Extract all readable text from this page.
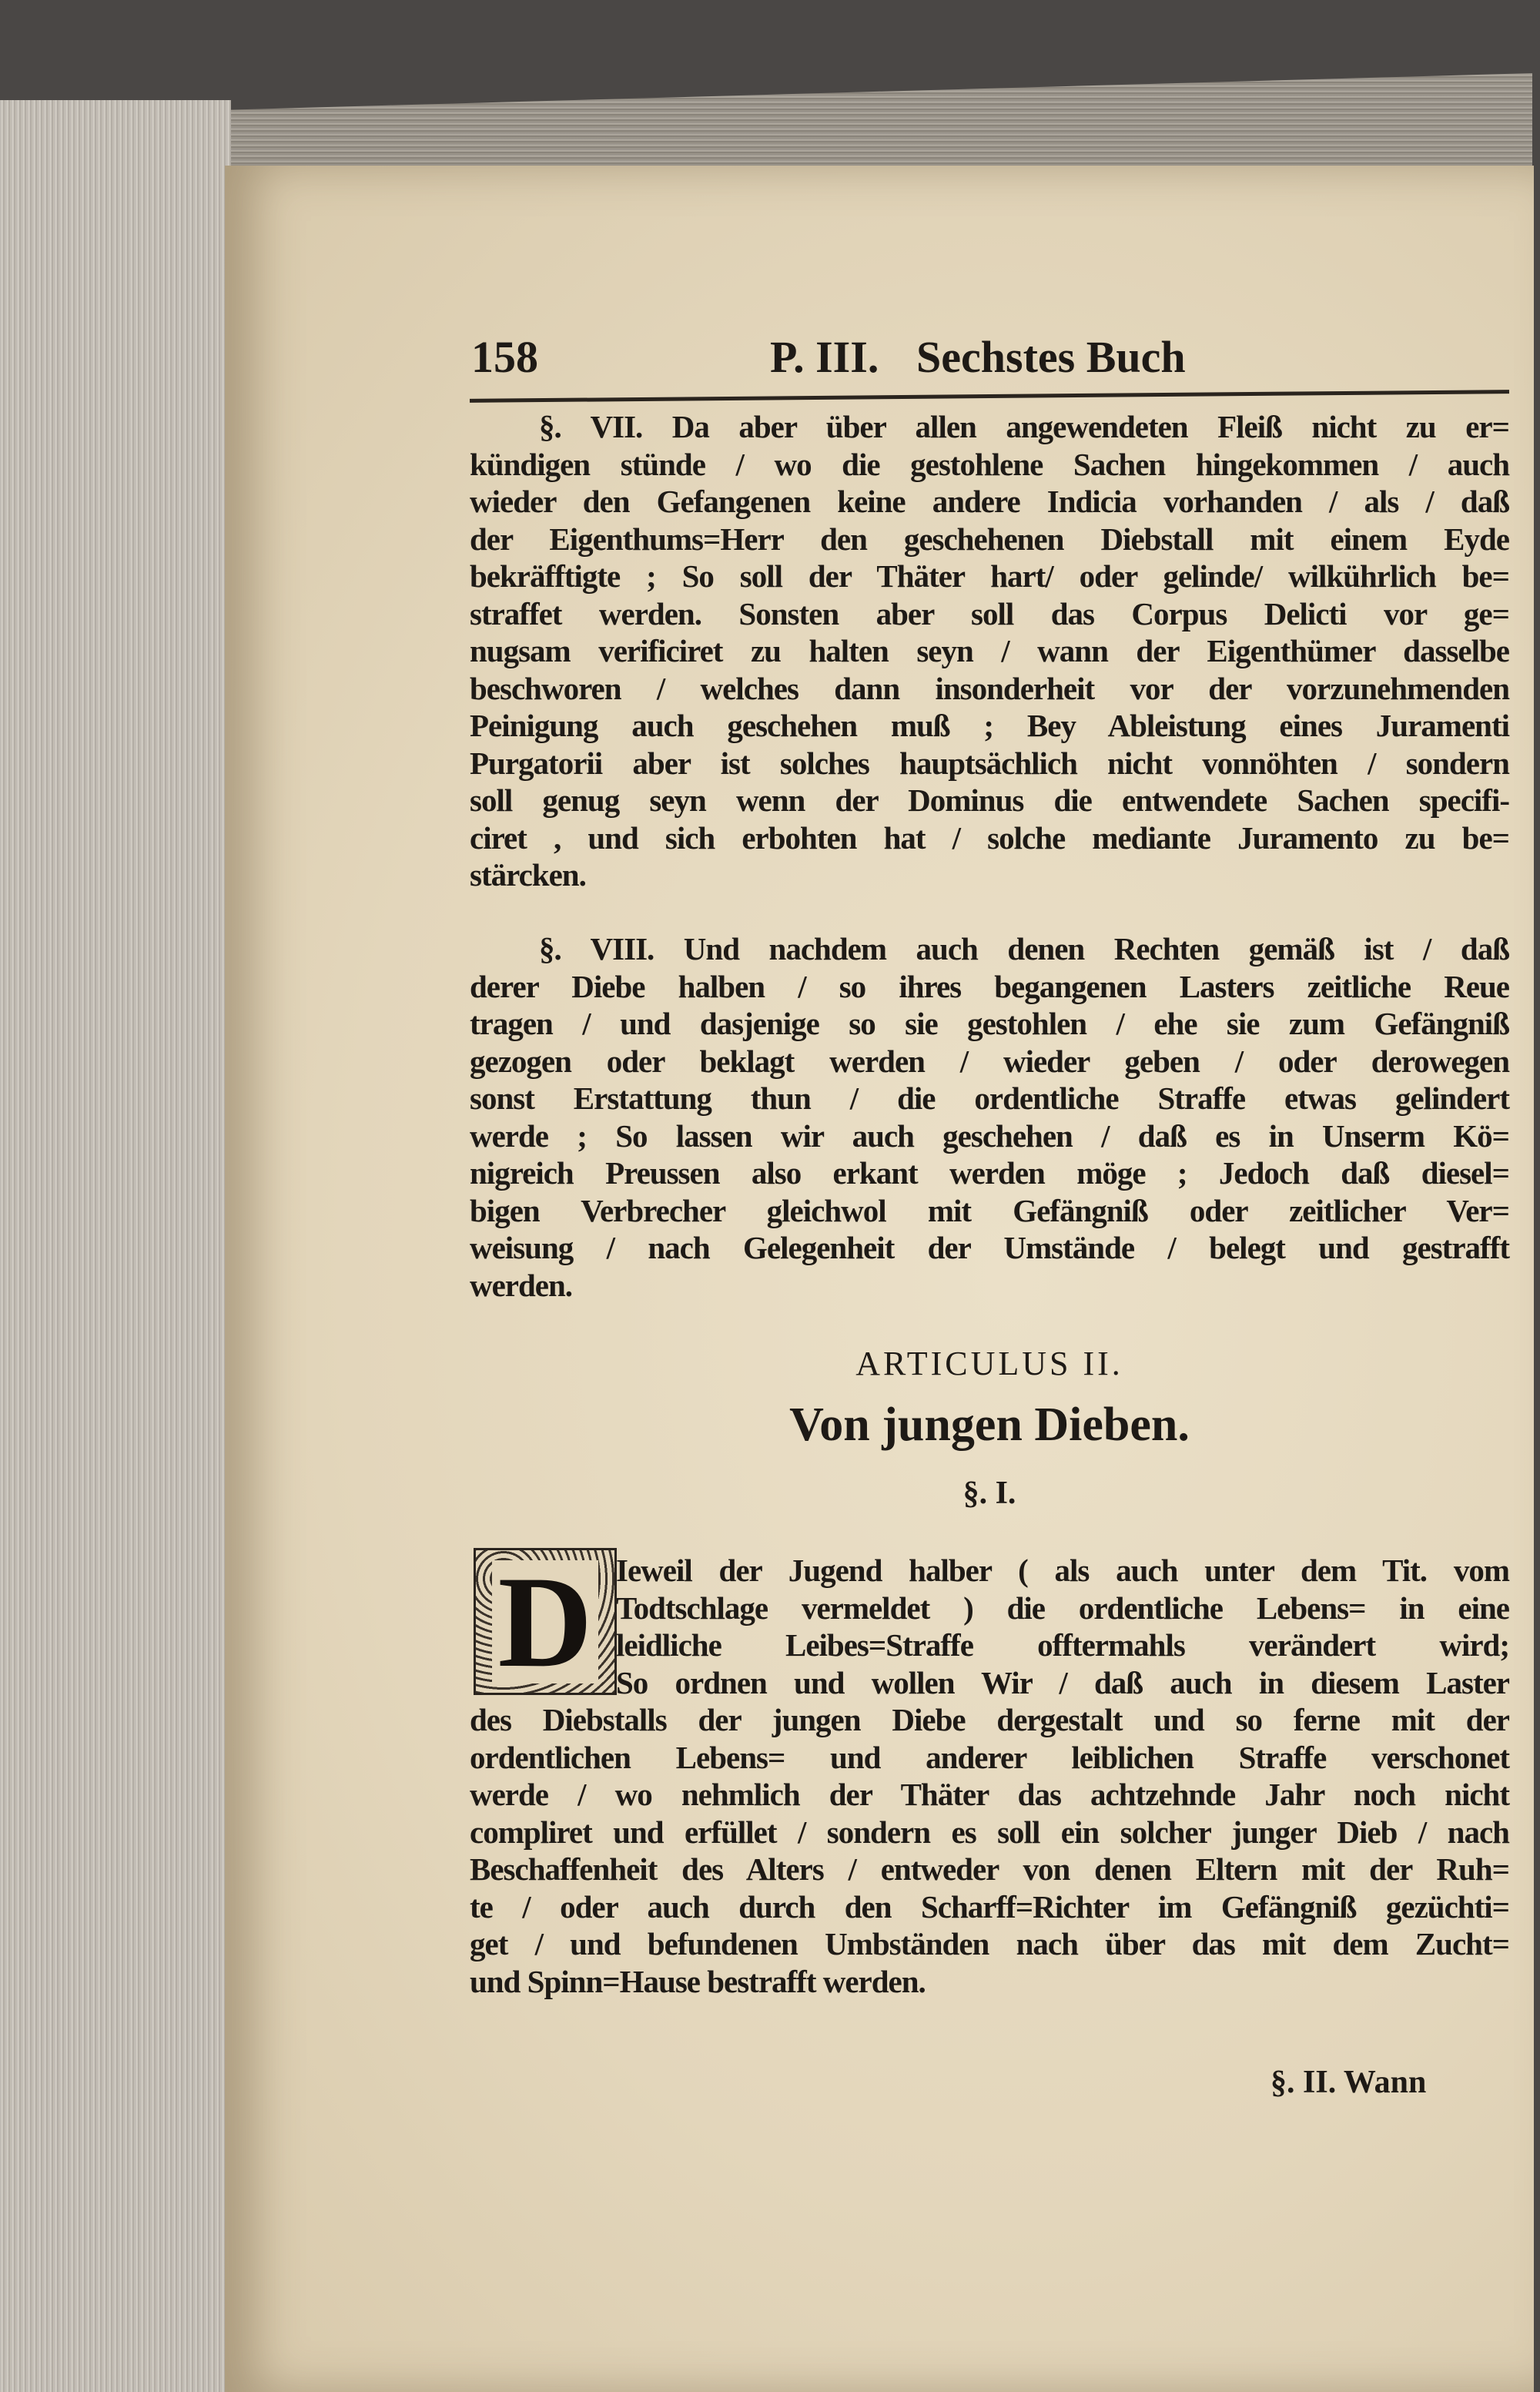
158	P. III. Sechstes Buch
§. VII. Da aber über allen angewendeten Fleiß nicht zu er=
kündigen stünde / wo die gestohlene Sachen hingekommen / auch
wieder den Gefangenen keine andere Indicia vorhanden / als / daß
der Eigenthums=Herr den geschehenen Diebstall mit einem Eyde
bekräfftigte ; So soll der Thäter hart/ oder gelinde/ wilkührlich be=
straffet werden. Sonsten aber soll das Corpus Delicti vor ge=
nugsam verificiret zu halten seyn / wann der Eigenthümer dasselbe
beschworen / welches dann insonderheit vor der vorzunehmenden
Peinigung auch geschehen muß ; Bey Ableistung eines Juramenti
Purgatorii aber ist solches hauptsächlich nicht vonnöhten / sondern
soll genug seyn wenn der Dominus die entwendete Sachen specifi-
ciret , und sich erbohten hat / solche mediante Juramento zu be=
stärcken.
§. VIII. Und nachdem auch denen Rechten gemäß ist / daß
derer Diebe halben / so ihres begangenen Lasters zeitliche Reue
tragen / und dasjenige so sie gestohlen / ehe sie zum Gefängniß
gezogen oder beklagt werden / wieder geben / oder derowegen
sonst Erstattung thun / die ordentliche Straffe etwas gelindert
werde ; So lassen wir auch geschehen / daß es in Unserm Kö=
nigreich Preussen also erkant werden möge ; Jedoch daß diesel=
bigen Verbrecher gleichwol mit Gefängniß oder zeitlicher Ver=
weisung / nach Gelegenheit der Umstände / belegt und gestrafft
werden.
ARTICULUS II.
Von jungen Dieben.
§. I.
D Ieweil der Jugend halber ( als auch unter dem Tit. vom
Todtschlage vermeldet ) die ordentliche Lebens= in eine
leidliche Leibes=Straffe offtermahls verändert wird;
So ordnen und wollen Wir / daß auch in diesem Laster
des Diebstalls der jungen Diebe dergestalt und so ferne mit der
ordentlichen Lebens= und anderer leiblichen Straffe verschonet
werde / wo nehmlich der Thäter das achtzehnde Jahr noch nicht
compliret und erfüllet / sondern es soll ein solcher junger Dieb / nach
Beschaffenheit des Alters / entweder von denen Eltern mit der Ruh=
te / oder auch durch den Scharff=Richter im Gefängniß gezüchti=
get / und befundenen Umbständen nach über das mit dem Zucht=
und Spinn=Hause bestrafft werden.
§. II. Wann
